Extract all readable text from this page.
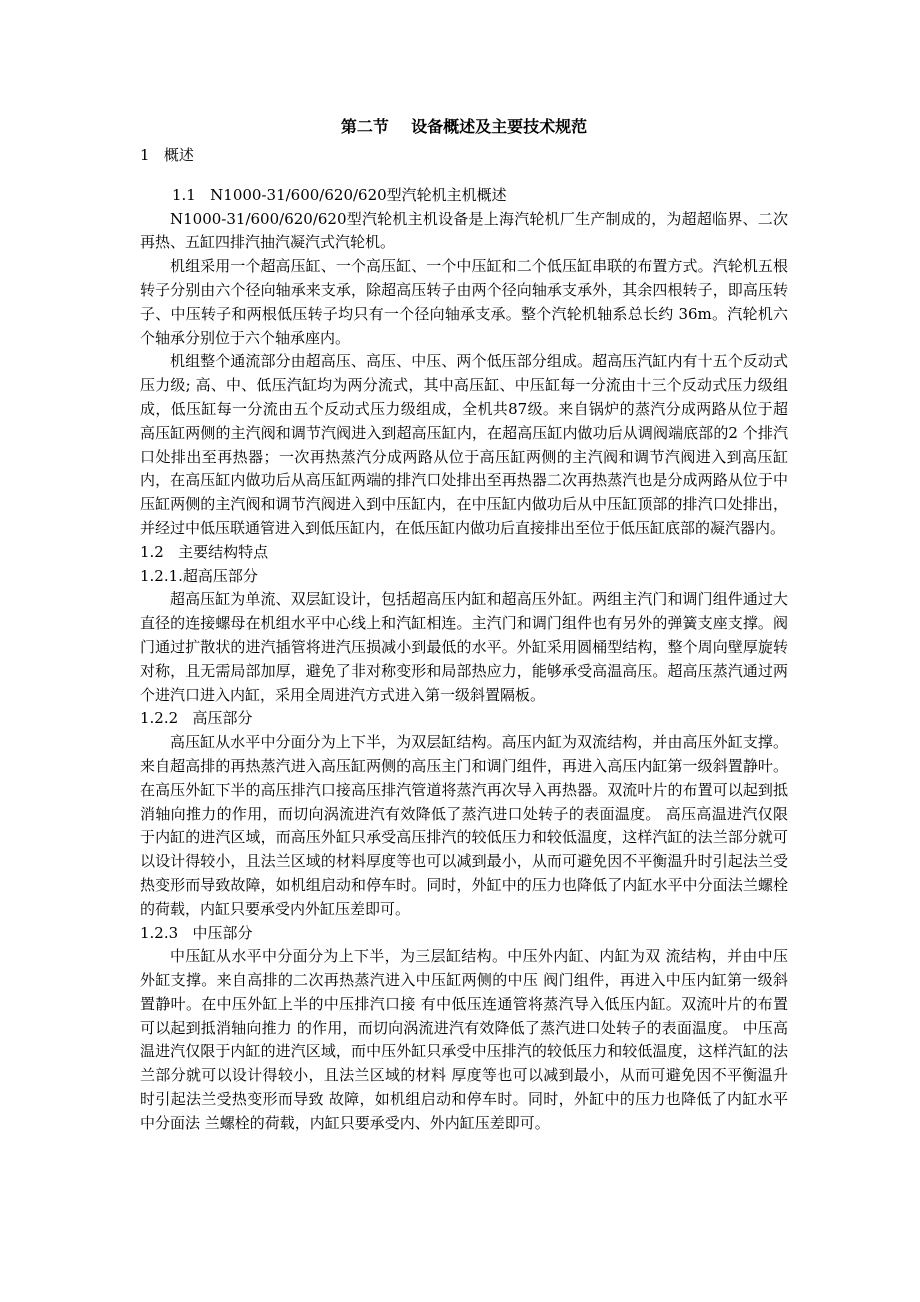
第二节    设备概述及主要技术规范
1   概述
1.1   N1000-31/600/620/620型汽轮机主机概述

N1000-31/600/620/620型汽轮机主机设备是上海汽轮机厂生产制成的，为超超临界、二次再热、五缸四排汽抽汽凝汽式汽轮机。

机组采用一个超高压缸、一个高压缸、一个中压缸和二个低压缸串联的布置方式。汽轮机五根转子分别由六个径向轴承来支承，除超高压转子由两个径向轴承支承外，其余四根转子，即高压转子、中压转子和两根低压转子均只有一个径向轴承支承。整个汽轮机轴系总长约 36m。汽轮机六个轴承分别位于六个轴承座内。

机组整个通流部分由超高压、高压、中压、两个低压部分组成。超高压汽缸内有十五个反动式压力级; 高、中、低压汽缸均为两分流式，其中高压缸、中压缸每一分流由十三个反动式压力级组成，低压缸每一分流由五个反动式压力级组成，全机共87级。来自锅炉的蒸汽分成两路从位于超高压缸两侧的主汽阀和调节汽阀进入到超高压缸内，在超高压缸内做功后从调阀端底部的2 个排汽口处排出至再热器；一次再热蒸汽分成两路从位于高压缸两侧的主汽阀和调节汽阀进入到高压缸内，在高压缸内做功后从高压缸两端的排汽口处排出至再热器二次再热蒸汽也是分成两路从位于中压缸两侧的主汽阀和调节汽阀进入到中压缸内，在中压缸内做功后从中压缸顶部的排汽口处排出，并经过中低压联通管进入到低压缸内，在低压缸内做功后直接排出至位于低压缸底部的凝汽器内。

1.2   主要结构特点
1.2.1.超高压部分

超高压缸为单流、双层缸设计，包括超高压内缸和超高压外缸。两组主汽门和调门组件通过大直径的连接螺母在机组水平中心线上和汽缸相连。主汽门和调门组件也有另外的弹簧支座支撑。阀门通过扩散状的进汽插管将进汽压损减小到最低的水平。外缸采用圆桶型结构，整个周向壁厚旋转对称，且无需局部加厚，避免了非对称变形和局部热应力，能够承受高温高压。超高压蒸汽通过两个进汽口进入内缸，采用全周进汽方式进入第一级斜置隔板。

1.2.2   高压部分

高压缸从水平中分面分为上下半，为双层缸结构。高压内缸为双流结构，并由高压外缸支撑。来自超高排的再热蒸汽进入高压缸两侧的高压主门和调门组件，再进入高压内缸第一级斜置静叶。在高压外缸下半的高压排汽口接高压排汽管道将蒸汽再次导入再热器。双流叶片的布置可以起到抵消轴向推力的作用，而切向涡流进汽有效降低了蒸汽进口处转子的表面温度。 高压高温进汽仅限于内缸的进汽区域，而高压外缸只承受高压排汽的较低压力和较低温度，这样汽缸的法兰部分就可以设计得较小，且法兰区域的材料厚度等也可以减到最小，从而可避免因不平衡温升时引起法兰受热变形而导致故障，如机组启动和停车时。同时，外缸中的压力也降低了内缸水平中分面法兰螺栓的荷载，内缸只要承受内外缸压差即可。

1.2.3   中压部分

中压缸从水平中分面分为上下半，为三层缸结构。中压外内缸、内缸为双 流结构，并由中压外缸支撑。来自高排的二次再热蒸汽进入中压缸两侧的中压 阀门组件，再进入中压内缸第一级斜置静叶。在中压外缸上半的中压排汽口接 有中低压连通管将蒸汽导入低压内缸。双流叶片的布置可以起到抵消轴向推力 的作用，而切向涡流进汽有效降低了蒸汽进口处转子的表面温度。 中压高温进汽仅限于内缸的进汽区域，而中压外缸只承受中压排汽的较低压力和较低温度，这样汽缸的法兰部分就可以设计得较小，且法兰区域的材料 厚度等也可以减到最小，从而可避免因不平衡温升时引起法兰受热变形而导致 故障，如机组启动和停车时。同时，外缸中的压力也降低了内缸水平中分面法 兰螺栓的荷载，内缸只要承受内、外内缸压差即可。
